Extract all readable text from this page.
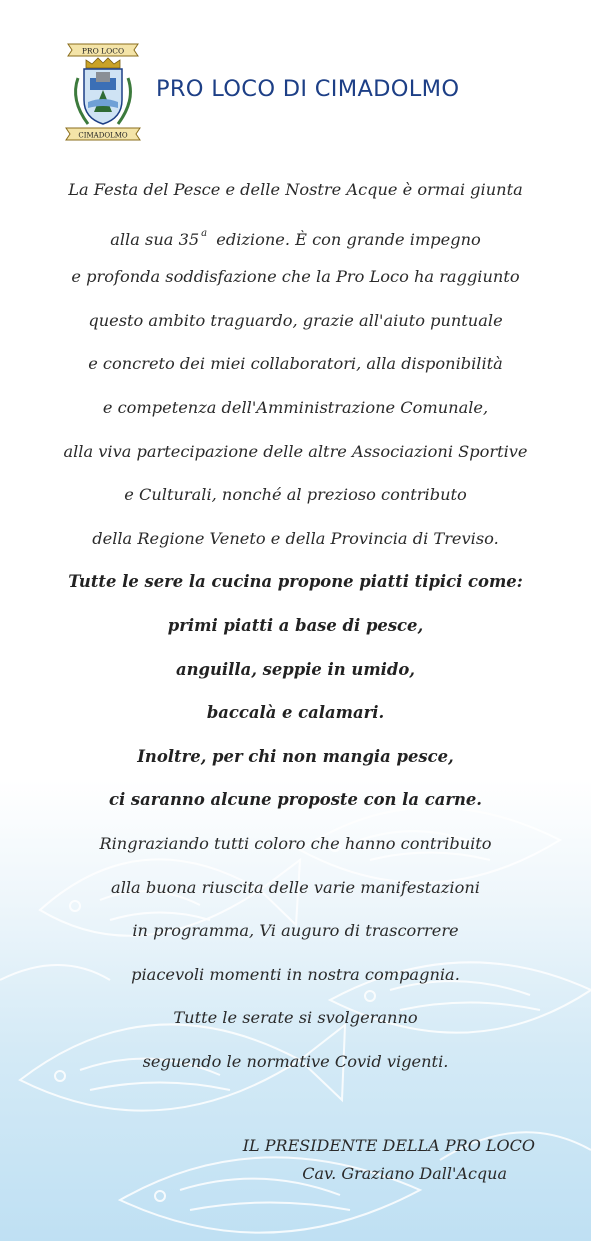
PRO LOCO
CIMADOLMO
PRO LOCO DI CIMADOLMO
La Festa del Pesce e delle Nostre Acque è ormai giunta
alla sua 35 $^a$ edizione. È con grande impegno
e profonda soddisfazione che la Pro Loco ha raggiunto
questo ambito traguardo, grazie all'aiuto puntuale
e concreto dei miei collaboratori, alla disponibilità
e competenza dell'Amministrazione Comunale,
alla viva partecipazione delle altre Associazioni Sportive
e Culturali, nonché al prezioso contributo
della Regione Veneto e della Provincia di Treviso.
Tutte le sere la cucina propone piatti tipici come:
primi piatti a base di pesce,
anguilla, seppie in umido,
baccalà e calamari.
Inoltre, per chi non mangia pesce,
ci saranno alcune proposte con la carne.
Ringraziando tutti coloro che hanno contribuito
alla buona riuscita delle varie manifestazioni
in programma, Vi auguro di trascorrere
piacevoli momenti in nostra compagnia.
Tutte le serate si svolgeranno
seguendo le normative Covid vigenti.
IL PRESIDENTE DELLA PRO LOCO
Cav. Graziano Dall'Acqua
